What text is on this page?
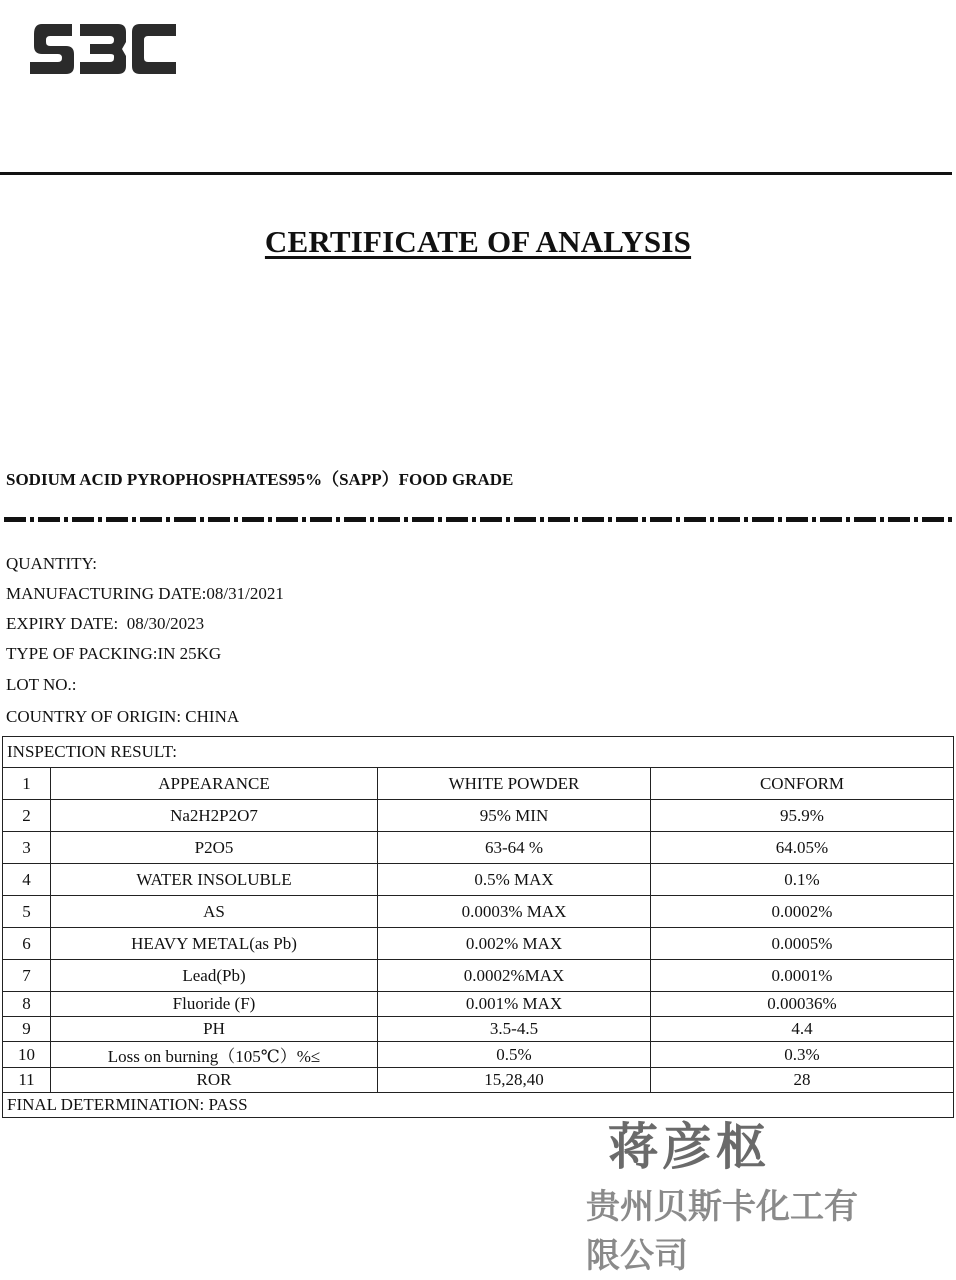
CERTIFICATE OF ANALYSIS
SODIUM ACID PYROPHOSPHATES95%（SAPP）FOOD GRADE
QUANTITY:
MANUFACTURING DATE:08/31/2021
EXPIRY DATE:  08/30/2023
TYPE OF PACKING:IN 25KG
LOT NO.:
COUNTRY OF ORIGIN: CHINA
INSPECTION RESULT:			
1	APPEARANCE	WHITE POWDER	CONFORM
2	Na2H2P2O7	95% MIN	95.9%
3	P2O5	63-64 %	64.05%
4	WATER INSOLUBLE	0.5% MAX	0.1%
5	AS	0.0003% MAX	0.0002%
6	HEAVY METAL(as Pb)	0.002% MAX	0.0005%
7	Lead(Pb)	0.0002%MAX	0.0001%
8	Fluoride (F)	0.001% MAX	0.00036%
9	PH	3.5-4.5	4.4
10	Loss on burning（105℃）%≤	0.5%	0.3%
11	ROR	15,28,40	28
FINAL DETERMINATION: PASS			
蒋彦枢
贵州贝斯卡化工有限公司
